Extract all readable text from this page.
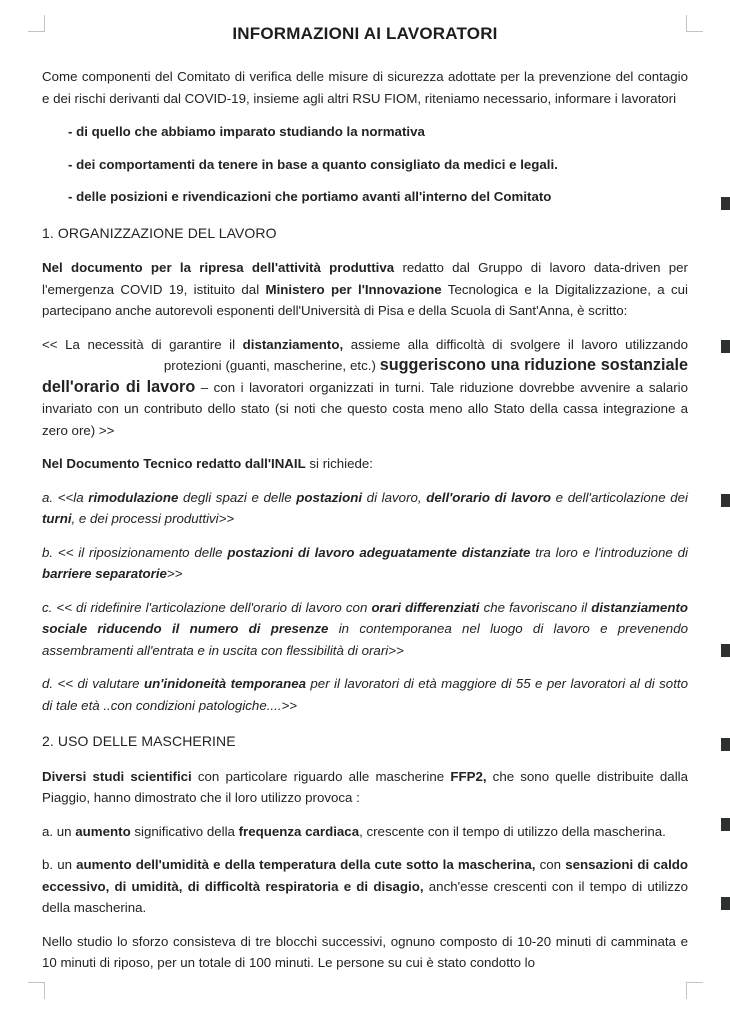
INFORMAZIONI AI LAVORATORI
Come componenti del Comitato di verifica delle misure di sicurezza adottate per la prevenzione del contagio e dei rischi derivanti dal COVID-19, insieme agli altri RSU FIOM, riteniamo necessario, informare i lavoratori
- di quello che abbiamo imparato studiando la normativa
- dei comportamenti da tenere in base a quanto consigliato da medici e legali.
- delle posizioni e rivendicazioni che portiamo avanti all'interno del Comitato
1. ORGANIZZAZIONE DEL LAVORO
Nel documento per la ripresa dell'attività produttiva redatto dal Gruppo di lavoro data-driven per l'emergenza COVID 19, istituito dal Ministero per l'Innovazione Tecnologica e la Digitalizzazione, a cui partecipano anche autorevoli esponenti dell'Università di Pisa e della Scuola di Sant'Anna, è scritto:
<< La necessità di garantire il distanziamento, assieme alla difficoltà di svolgere il lavoro utilizzando protezioni (guanti, mascherine, etc.) suggeriscono una riduzione sostanziale dell'orario di lavoro – con i lavoratori organizzati in turni. Tale riduzione dovrebbe avvenire a salario invariato con un contributo dello stato (si noti che questo costa meno allo Stato della cassa integrazione a zero ore) >>
Nel Documento Tecnico redatto dall'INAIL si richiede:
a. <<la rimodulazione degli spazi e delle postazioni di lavoro, dell'orario di lavoro e dell'articolazione dei turni, e dei processi produttivi>>
b. << il riposizionamento delle postazioni di lavoro adeguatamente distanziate tra loro e l'introduzione di barriere separatorie>>
c. << di ridefinire l'articolazione dell'orario di lavoro con orari differenziati che favoriscano il distanziamento sociale riducendo il numero di presenze in contemporanea nel luogo di lavoro e prevenendo assembramenti all'entrata e in uscita con flessibilità di orari>>
d. << di valutare un'inidoneità temporanea per il lavoratori di età maggiore di 55 e per lavoratori al di sotto di tale età ..con condizioni patologiche....>>
2. USO DELLE MASCHERINE
Diversi studi scientifici con particolare riguardo alle mascherine FFP2, che sono quelle distribuite dalla Piaggio, hanno dimostrato che il loro utilizzo provoca :
a. un aumento significativo della frequenza cardiaca, crescente con il tempo di utilizzo della mascherina.
b. un aumento dell'umidità e della temperatura della cute sotto la mascherina, con sensazioni di caldo eccessivo, di umidità, di difficoltà respiratoria e di disagio, anch'esse crescenti con il tempo di utilizzo della mascherina.
Nello studio lo sforzo consisteva di tre blocchi successivi, ognuno composto di 10-20 minuti di camminata e 10 minuti di riposo, per un totale di 100 minuti. Le persone su cui è stato condotto lo
